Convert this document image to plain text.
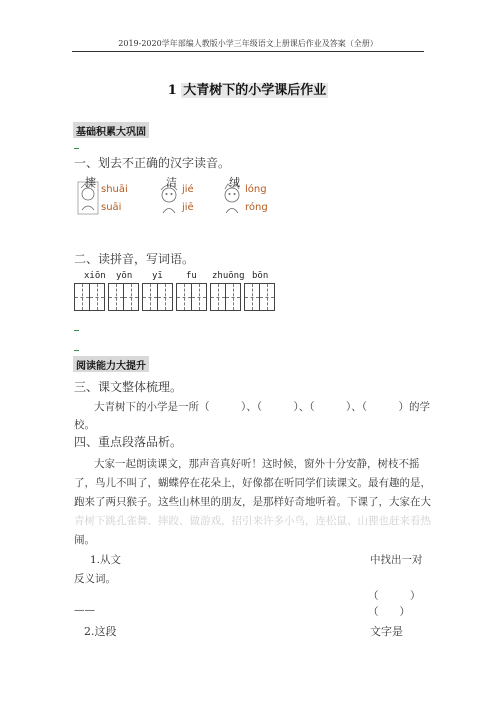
2019-2020学年部编人教版小学三年级语文上册课后作业及答案（全册）
1 大青树下的小学课后作业
基础积累大巩固
一、划去不正确的汉字读音。
摔
shuāi
suāi
洁
jié
jiē
绒
lóng
róng
二、读拼音，写词语。
xiōn yōn yī	fu zhuōng bōn
阅读能力大提升
三、课文整体梳理。
大青树下的小学是一所（　　　）、（　　　）、（　　　）、（　　　）的学
校。
四、重点段落品析。
大家一起朗读课文，那声音真好听！这时候，窗外十分安静，树枝不摇
了，鸟儿不叫了，蝴蝶停在花朵上，好像都在听同学们读课文。最有趣的是，
跑来了两只猴子。这些山林里的朋友，是那样好奇地听着。下课了，大家在大
青树下跳孔雀舞、摔跤、做游戏，招引来许多小鸟，连松鼠、山狸也赶来看热
闹。
1.从文	中找出一对
反义词。
（　　　）
——	（　　）
2.这段	文字是
